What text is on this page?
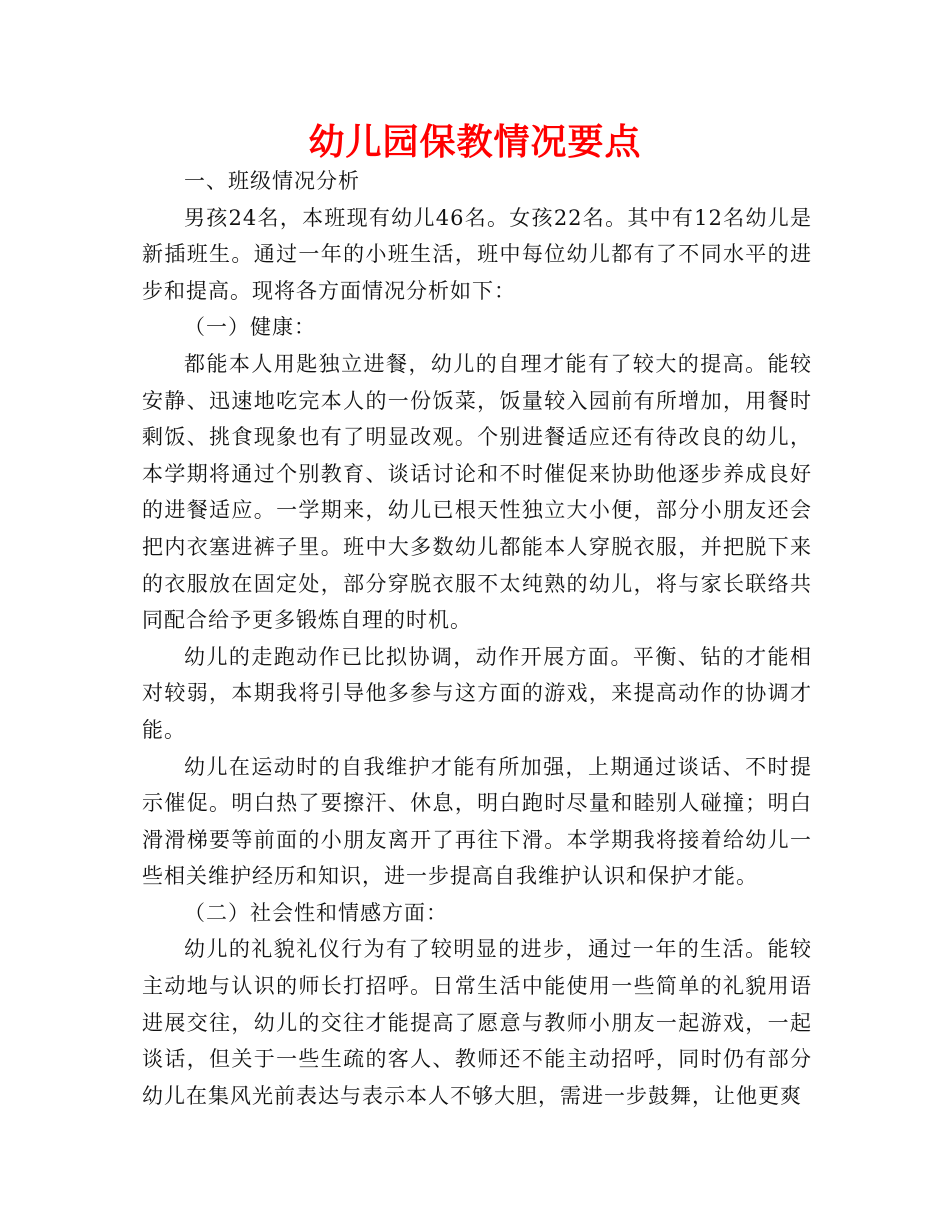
幼儿园保教情况要点

一、班级情况分析

男孩24名，本班现有幼儿46名。女孩22名。其中有12名幼儿是新插班生。通过一年的小班生活，班中每位幼儿都有了不同水平的进步和提高。现将各方面情况分析如下：

（一）健康：

都能本人用匙独立进餐，幼儿的自理才能有了较大的提高。能较安静、迅速地吃完本人的一份饭菜，饭量较入园前有所增加，用餐时剩饭、挑食现象也有了明显改观。个别进餐适应还有待改良的幼儿，本学期将通过个别教育、谈话讨论和不时催促来协助他逐步养成良好的进餐适应。一学期来，幼儿已根天性独立大小便，部分小朋友还会把内衣塞进裤子里。班中大多数幼儿都能本人穿脱衣服，并把脱下来的衣服放在固定处，部分穿脱衣服不太纯熟的幼儿，将与家长联络共同配合给予更多锻炼自理的时机。

幼儿的走跑动作已比拟协调，动作开展方面。平衡、钻的才能相对较弱，本期我将引导他多参与这方面的游戏，来提高动作的协调才能。

幼儿在运动时的自我维护才能有所加强，上期通过谈话、不时提示催促。明白热了要擦汗、休息，明白跑时尽量和睦别人碰撞；明白滑滑梯要等前面的小朋友离开了再往下滑。本学期我将接着给幼儿一些相关维护经历和知识，进一步提高自我维护认识和保护才能。

（二）社会性和情感方面：

幼儿的礼貌礼仪行为有了较明显的进步，通过一年的生活。能较主动地与认识的师长打招呼。日常生活中能使用一些简单的礼貌用语进展交往，幼儿的交往才能提高了愿意与教师小朋友一起游戏，一起谈话，但关于一些生疏的客人、教师还不能主动招呼，同时仍有部分幼儿在集风光前表达与表示本人不够大胆，需进一步鼓舞，让他更爽
